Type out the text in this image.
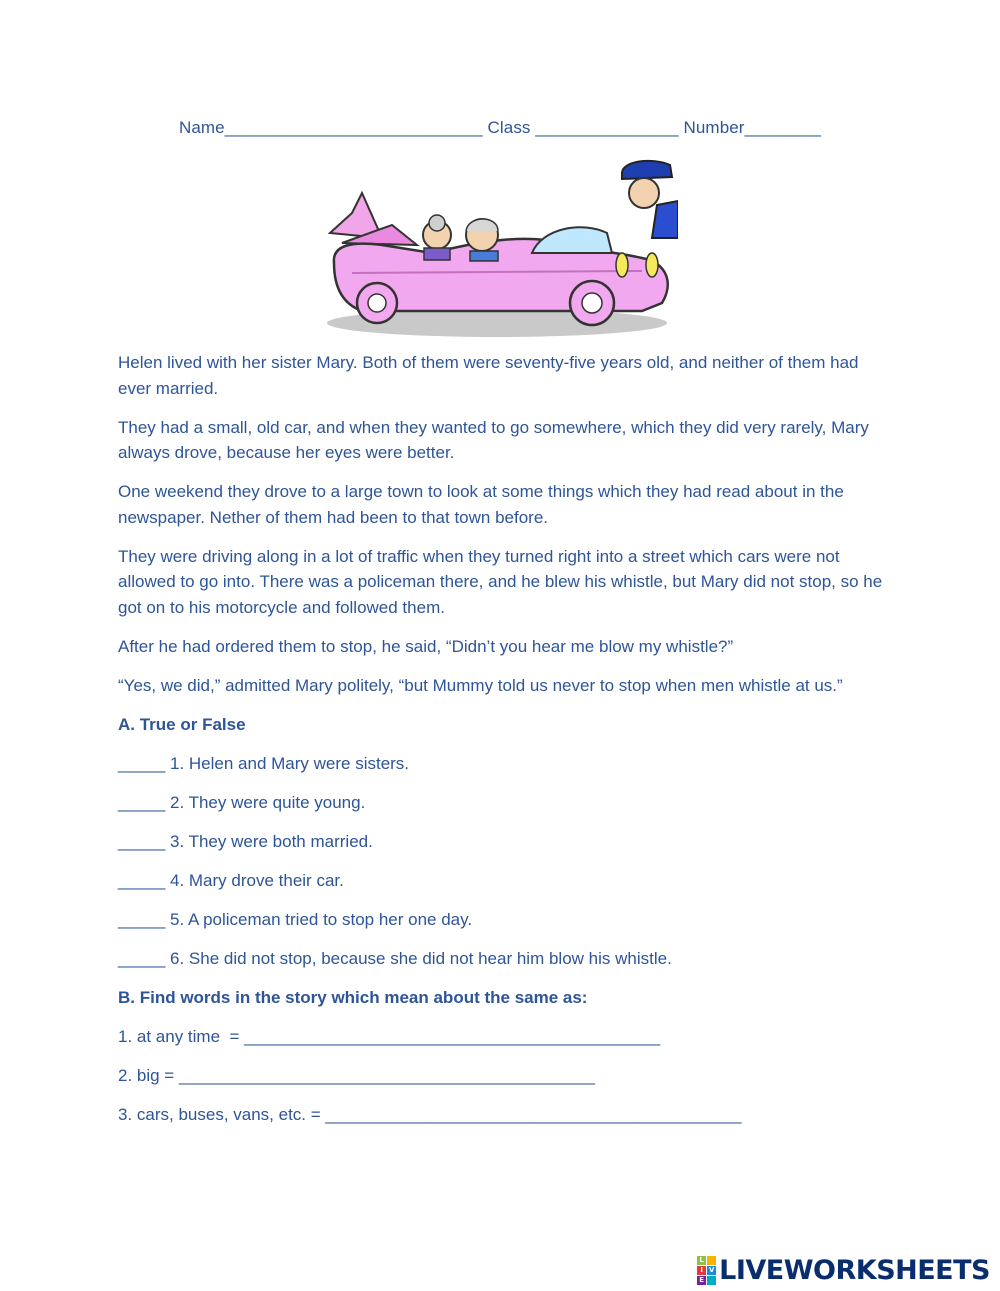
Name___________________________ Class _______________ Number________

Helen lived with her sister Mary. Both of them were seventy-five years old, and neither of them had ever married.

They had a small, old car, and when they wanted to go somewhere, which they did very rarely, Mary always drove, because her eyes were better.

One weekend they drove to a large town to look at some things which they had read about in the newspaper. Nether of them had been to that town before.

They were driving along in a lot of traffic when they turned right into a street which cars were not allowed to go into. There was a policeman there, and he blew his whistle, but Mary did not stop, so he got on to his motorcycle and followed them.

After he had ordered them to stop, he said, “Didn’t you hear me blow my whistle?”

“Yes, we did,” admitted Mary politely, “but Mummy told us never to stop when men whistle at us.”

A. True or False

_____ 1. Helen and Mary were sisters.
_____ 2. They were quite young.
_____ 3. They were both married.
_____ 4. Mary drove their car.
_____ 5. A policeman tried to stop her one day.
_____ 6. She did not stop, because she did not hear him blow his whistle.

B. Find words in the story which mean about the same as:

1. at any time  = ____________________________________________
2. big = ____________________________________________
3. cars, buses, vans, etc. = ____________________________________________
L
I V
E LIVEWORKSHEETS
